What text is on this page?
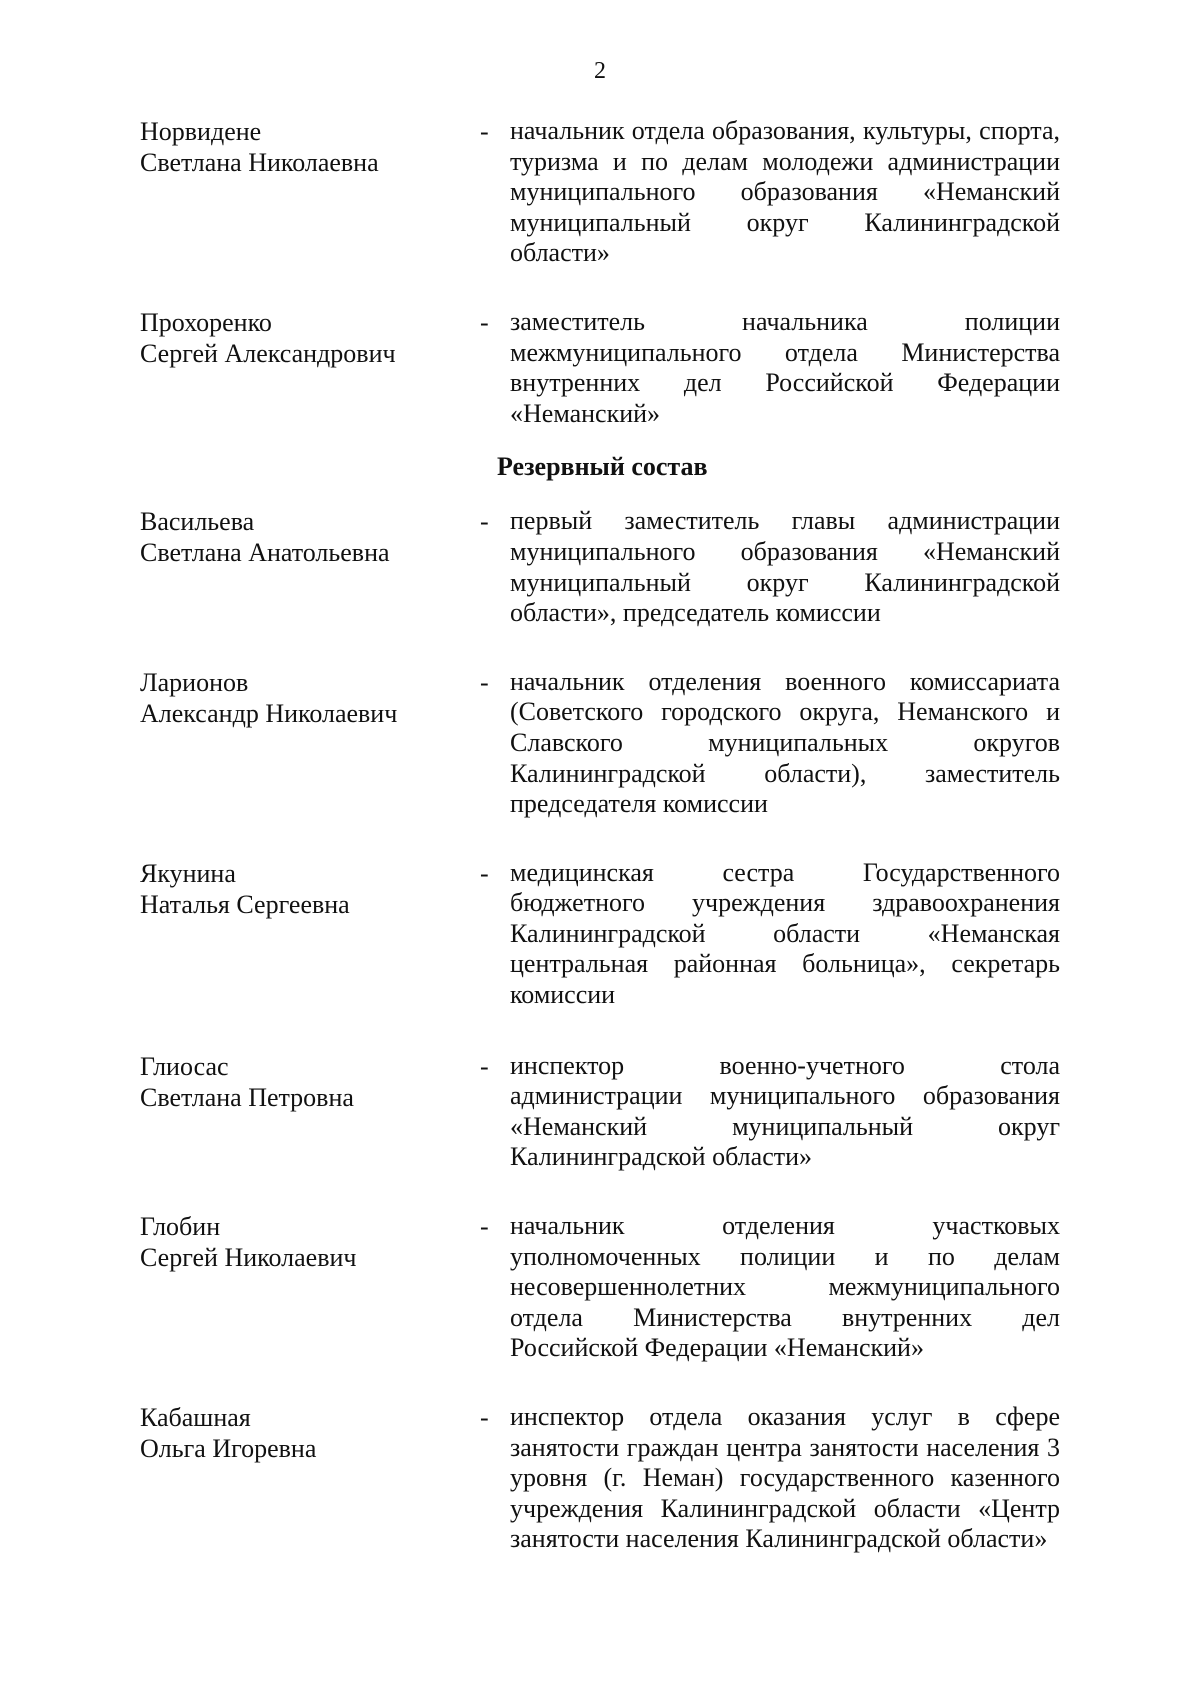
2
Норвидене
Светлана Николаевна
- начальник отдела образования, культуры, спорта, туризма и по делам молодежи администрации муниципального образования «Неманский муниципальный округ Калининградской области»
Прохоренко
Сергей Александрович
- заместитель начальника полиции межмуниципального отдела Министерства внутренних дел Российской Федерации «Неманский»
Резервный состав
Васильева
Светлана Анатольевна
- первый заместитель главы администрации муниципального образования «Неманский муниципальный округ Калининградской области», председатель комиссии
Ларионов
Александр Николаевич
- начальник отделения военного комиссариата (Советского городского округа, Неманского и Славского муниципальных округов Калининградской области), заместитель председателя комиссии
Якунина
Наталья Сергеевна
- медицинская сестра Государственного бюджетного учреждения здравоохранения Калининградской области «Неманская центральная районная больница», секретарь комиссии
Глиосас
Светлана Петровна
- инспектор военно-учетного стола администрации муниципального образования «Неманский муниципальный округ Калининградской области»
Глобин
Сергей Николаевич
- начальник отделения участковых уполномоченных полиции и по делам несовершеннолетних межмуниципального отдела Министерства внутренних дел Российской Федерации «Неманский»
Кабашная
Ольга Игоревна
- инспектор отдела оказания услуг в сфере занятости граждан центра занятости населения 3 уровня (г. Неман) государственного казенного учреждения Калининградской области «Центр занятости населения Калининградской области»
